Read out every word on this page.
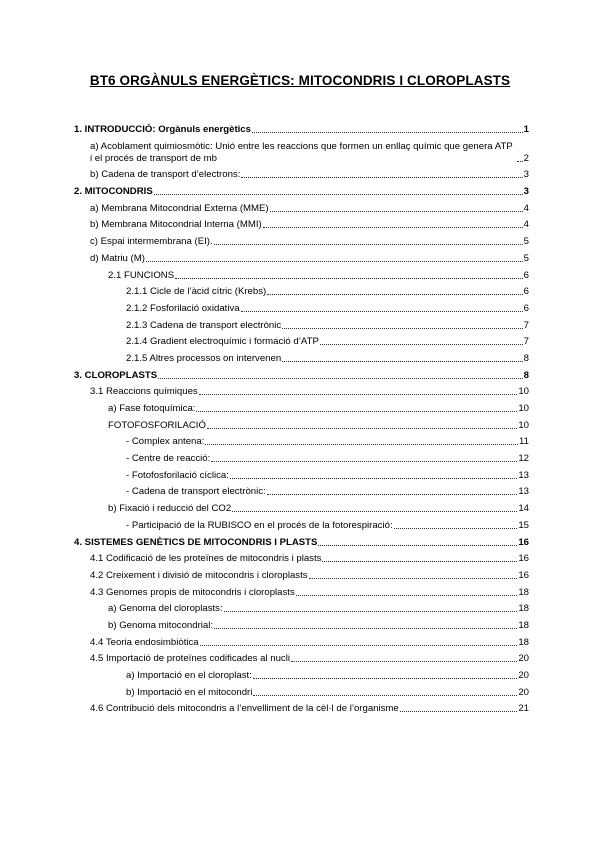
BT6 ORGÀNULS ENERGÈTICS: MITOCONDRIS I CLOROPLASTS
1. INTRODUCCIÓ: Orgànuls energètics	1
a) Acoblament quimiosmòtic: Unió entre les reaccions que formen un enllaç químic que genera ATP i el procés de transport de mb	2
b) Cadena de transport d’electrons:	3
2. MITOCONDRIS	3
a) Membrana Mitocondrial Externa (MME)	4
b) Membrana Mitocondrial Interna (MMI)	4
c) Espai intermembrana (EI).	5
d) Matriu (M)	5
2.1 FUNCIONS	6
2.1.1 Cicle de l’àcid cítric (Krebs)	6
2.1.2 Fosforilació oxidativa	6
2.1.3 Cadena de transport electrònic	7
2.1.4 Gradient electroquímic i formació d’ATP	7
2.1.5 Altres processos on intervenen	8
3. CLOROPLASTS	8
3.1 Reaccions químiques	10
a) Fase fotoquímica:	10
FOTOFOSFORILACIÓ	10
- Complex antena:	11
- Centre de reacció:	12
- Fotofosforilació cíclica:	13
- Cadena de transport electrònic:	13
b) Fixació i reducció del CO2	14
- Participació de la RUBISCO en el procés de la fotorespiració:	15
4. SISTEMES GENÈTICS DE MITOCONDRIS I PLASTS	16
4.1 Codificació de les proteïnes de mitocondris i plasts	16
4.2 Creixement i divisió de mitocondris i cloroplasts	16
4.3 Genomes propis de mitocondris i cloroplasts	18
a) Genoma del cloroplasts:	18
b) Genoma mitocondrial:	18
4.4 Teoria endosimbiòtica	18
4.5 Importació de proteïnes codificades al nucli	20
a) Importació en el cloroplast:	20
b) Importació en el mitocondri	20
4.6 Contribució dels mitocondris a l’envelliment de la cèl·l de l’organisme	21
